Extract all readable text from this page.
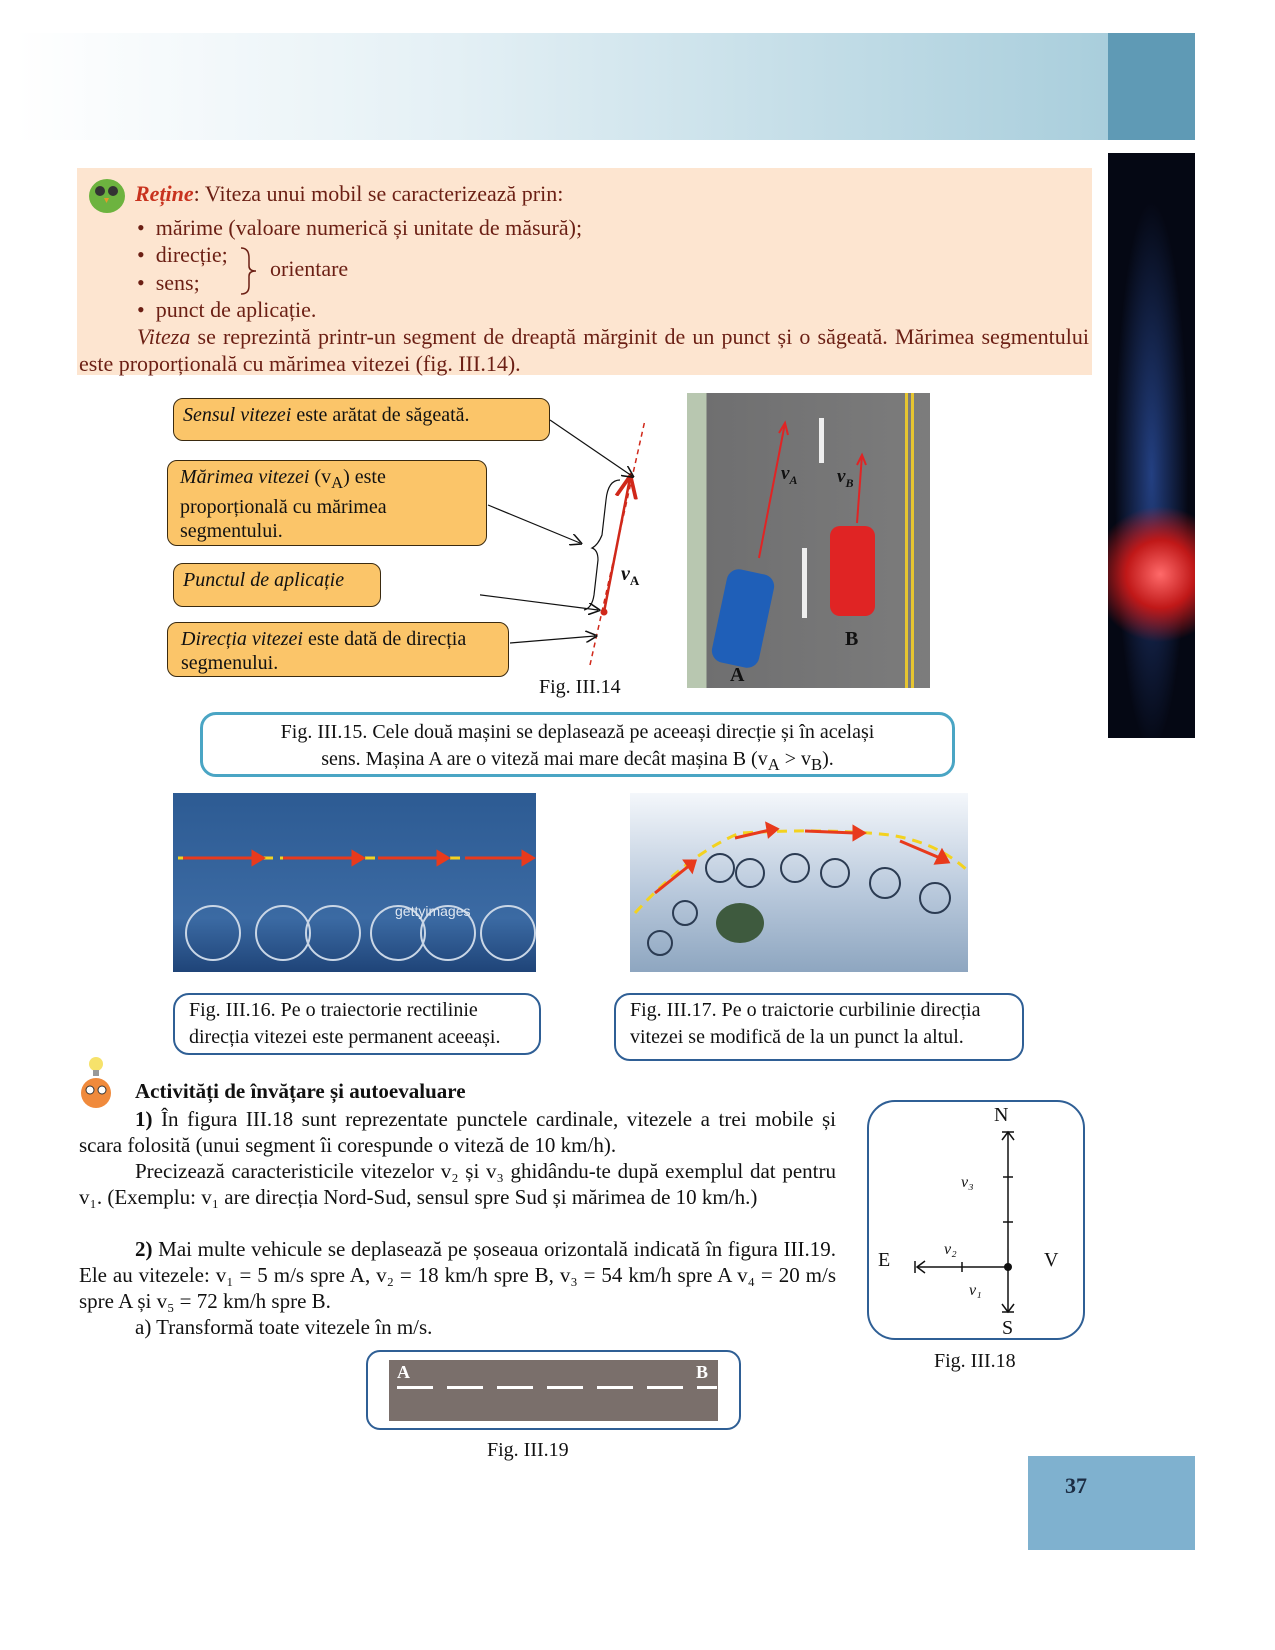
Reține: Viteza unui mobil se caracterizează prin:
•  mărime (valoare numerică și unitate de măsură);
•  direcție;
•  sens;
orientare
•  punct de aplicație.
Viteza se reprezintă printr-un segment de dreaptă mărginit de un punct și o săgeată. Mărimea segmentului este proporțională cu mărimea vitezei (fig. III.14).
Sensul vitezei este arătat de săgeată.
Mărimea vitezei $(v_A)$ este proporțională cu mărimea segmentului.
Punctul de aplicație
Direcția vitezei este dată de direcția segmenului.
$v_A$
Fig. III.14
$v_A$ $v_B$
B
A
Fig. III.15. Cele două mașini se deplasează pe aceeași direcție și în același
sens. Mașina A are o viteză mai mare decât mașina B $(v_A > v_B)$.
gettyimages
Fig. III.16. Pe o traiectorie rectilinie direcția vitezei este permanent aceeași.
Fig. III.17. Pe o traictorie curbilinie direcția vitezei se modifică de la un punct la altul.
Activități de învățare și autoevaluare
1) În figura III.18 sunt reprezentate punctele cardinale, vitezele a trei mobile și scara folosită (unui segment îi corespunde o viteză de 10 km/h).
Precizează caracteristicile vitezelor v₂ și v₃ ghidându-te după exemplul dat pentru v₁. (Exemplu: v₁ are direcția Nord-Sud, sensul spre Sud și mărimea de 10 km/h.)
2) Mai multe vehicule se deplasează pe șoseaua orizontală indicată în figura III.19. Ele au vitezele: v₁ = 5 m/s spre A, v₂ = 18 km/h spre B, v₃ = 54 km/h spre A v₄ = 20 m/s spre A și v₅ = 72 km/h spre B.
a) Transformă toate vitezele în m/s.
N
S
E	V
v₃
v₂
v₁
Fig. III.18
A	B
Fig. III.19
37
